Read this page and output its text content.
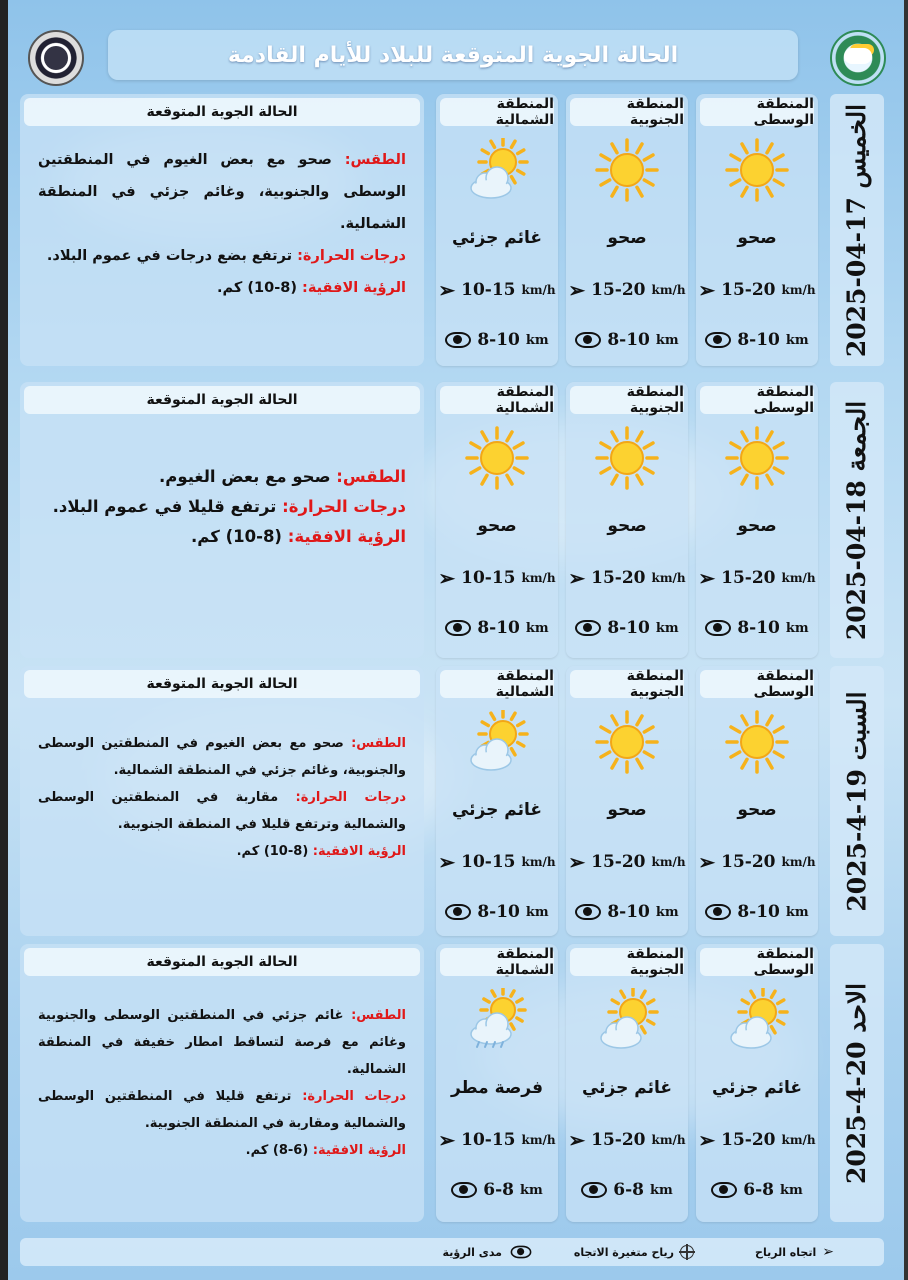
الحالة الجوية المتوقعة للبلاد للأيام القادمة
الخميس 17-04-2025
المنطقة الوسطى
صحو
➢ 15-20 km/h
8-10 km
المنطقة الجنوبية
صحو
➢ 15-20 km/h
8-10 km
المنطقة الشمالية
غائم جزئي
➢ 10-15 km/h
8-10 km
الحالة الجوية المتوقعة

الطقس: صحو مع بعض الغيوم في المنطقتين الوسطى والجنوبية، وغائم جزئي في المنطقة الشمالية.

درجات الحرارة: ترتفع بضع درجات في عموم البلاد.

الرؤية الافقية: (8-10) كم.

الجمعة 18-04-2025
المنطقة الوسطى
صحو
➢ 15-20 km/h
8-10 km
المنطقة الجنوبية
صحو
➢ 15-20 km/h
8-10 km
المنطقة الشمالية
صحو
➢ 10-15 km/h
8-10 km
الحالة الجوية المتوقعة

الطقس: صحو مع بعض الغيوم.

درجات الحرارة: ترتفع قليلا في عموم البلاد.

الرؤية الافقية: (8-10) كم.

السبت 19-4-2025
المنطقة الوسطى
صحو
➢ 15-20 km/h
8-10 km
المنطقة الجنوبية
صحو
➢ 15-20 km/h
8-10 km
المنطقة الشمالية
غائم جزئي
➢ 10-15 km/h
8-10 km
الحالة الجوية المتوقعة

الطقس: صحو مع بعض الغيوم في المنطقتين الوسطى والجنوبية، وغائم جزئي في المنطقة الشمالية.

درجات الحرارة: مقاربة في المنطقتين الوسطى والشمالية وترتفع قليلا في المنطقة الجنوبية.

الرؤية الافقية: (8-10) كم.

الاحد 20-4-2025
المنطقة الوسطى
غائم جزئي
➢ 15-20 km/h
6-8 km
المنطقة الجنوبية
غائم جزئي
➢ 15-20 km/h
6-8 km
المنطقة الشمالية
فرصة مطر
➢ 10-15 km/h
6-8 km
الحالة الجوية المتوقعة

الطقس: غائم جزئي في المنطقتين الوسطى والجنوبية وغائم مع فرصة لتساقط امطار خفيفة في المنطقة الشمالية.

درجات الحرارة: ترتفع قليلا في المنطقتين الوسطى والشمالية ومقاربة في المنطقة الجنوبية.

الرؤية الافقية: (6-8) كم.

➢
اتجاه الرياح
رياح متغيرة الاتجاه
مدى الرؤية
